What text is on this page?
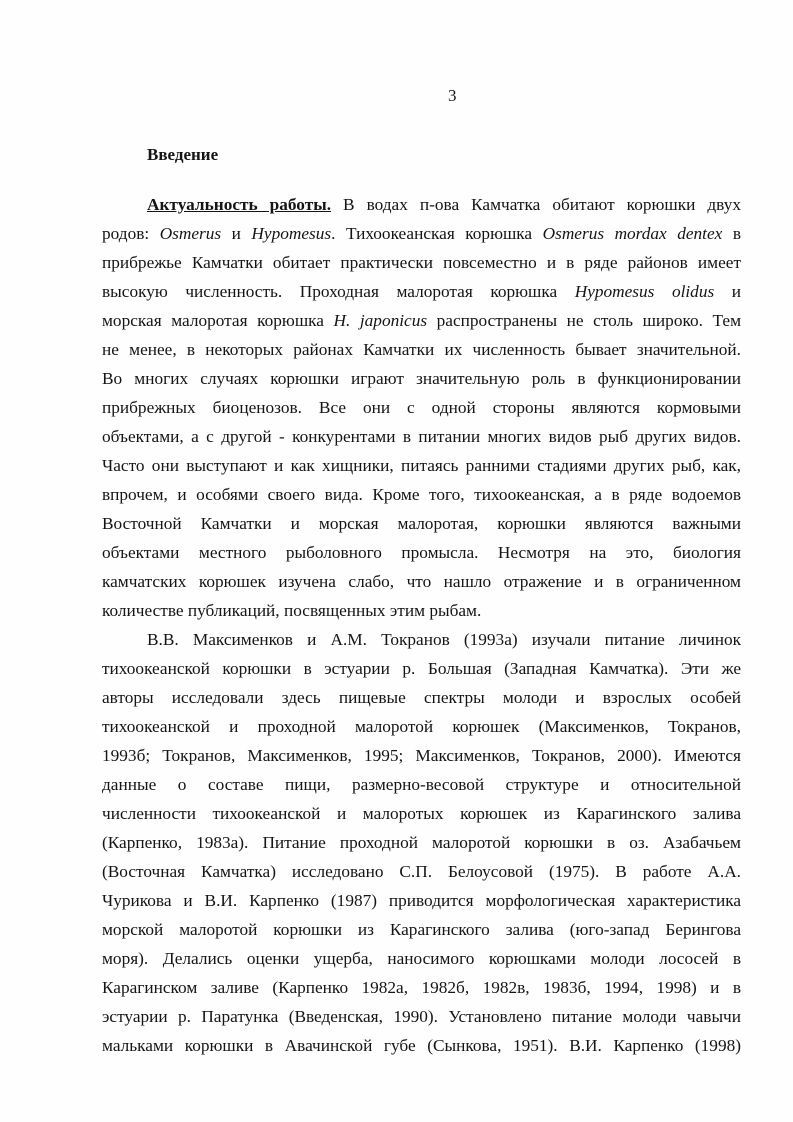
3
Введение
Актуальность работы. В водах п-ова Камчатка обитают корюшки двух
родов: Osmerus и Hypomesus. Тихоокеанская корюшка Osmerus mordax dentex в
прибрежье Камчатки обитает практически повсеместно и в ряде районов имеет
высокую численность. Проходная малоротая корюшка Hypomesus olidus и
морская малоротая корюшка H. japonicus распространены не столь широко. Тем
не менее, в некоторых районах Камчатки их численность бывает значительной.
Во многих случаях корюшки играют значительную роль в функционировании
прибрежных биоценозов. Все они с одной стороны являются кормовыми
объектами, а с другой - конкурентами в питании многих видов рыб других видов.
Часто они выступают и как хищники, питаясь ранними стадиями других рыб, как,
впрочем, и особями своего вида. Кроме того, тихоокеанская, а в ряде водоемов
Восточной Камчатки и морская малоротая, корюшки являются важными
объектами местного рыболовного промысла. Несмотря на это, биология
камчатских корюшек изучена слабо, что нашло отражение и в ограниченном
количестве публикаций, посвященных этим рыбам.
В.В. Максименков и А.М. Токранов (1993а) изучали питание личинок
тихоокеанской корюшки в эстуарии р. Большая (Западная Камчатка). Эти же
авторы исследовали здесь пищевые спектры молоди и взрослых особей
тихоокеанской и проходной малоротой корюшек (Максименков, Токранов,
1993б; Токранов, Максименков, 1995; Максименков, Токранов, 2000). Имеются
данные о составе пищи, размерно-весовой структуре и относительной
численности тихоокеанской и малоротых корюшек из Карагинского залива
(Карпенко, 1983а). Питание проходной малоротой корюшки в оз. Азабачьем
(Восточная Камчатка) исследовано С.П. Белоусовой (1975). В работе А.А.
Чурикова и В.И. Карпенко (1987) приводится морфологическая характеристика
морской малоротой корюшки из Карагинского залива (юго-запад Берингова
моря). Делались оценки ущерба, наносимого корюшками молоди лососей в
Карагинском заливе (Карпенко 1982а, 1982б, 1982в, 1983б, 1994, 1998) и в
эстуарии р. Паратунка (Введенская, 1990). Установлено питание молоди чавычи
мальками корюшки в Авачинской губе (Сынкова, 1951). В.И. Карпенко (1998)
